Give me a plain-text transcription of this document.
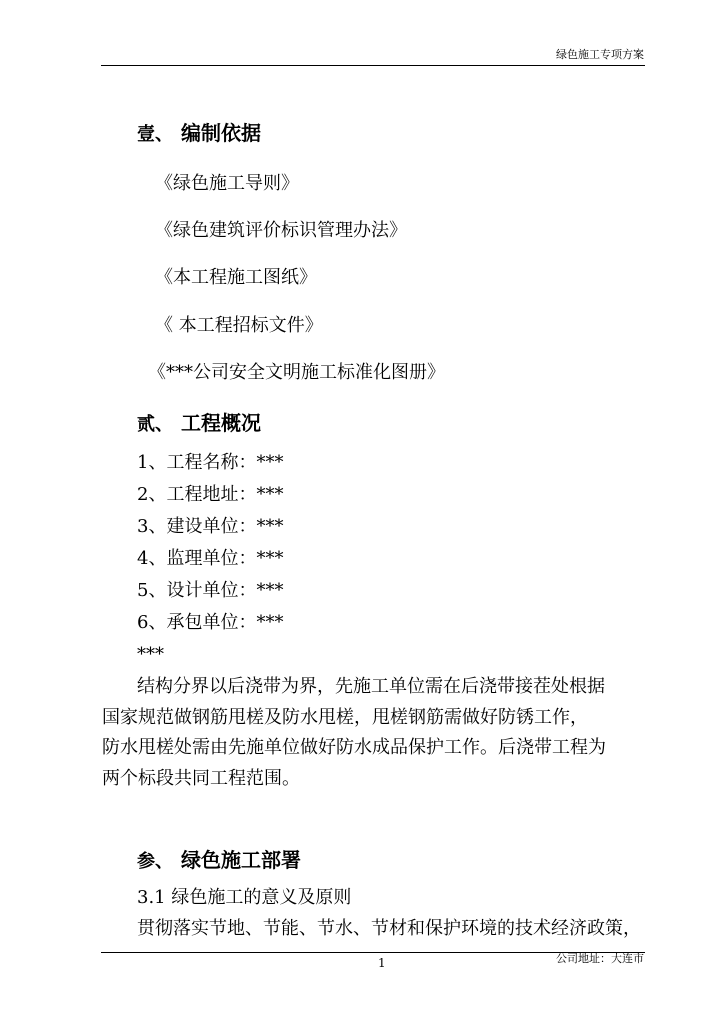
绿色施工专项方案
壹、 编制依据
《绿色施工导则》
《绿色建筑评价标识管理办法》
《本工程施工图纸》
《 本工程招标文件》
《***公司安全文明施工标准化图册》
贰、 工程概况
1、工程名称：***
2、工程地址：***
3、建设单位：***
4、监理单位：***
5、设计单位：***
6、承包单位：***
***
结构分界以后浇带为界，先施工单位需在后浇带接茬处根据
国家规范做钢筋甩槎及防水甩槎，甩槎钢筋需做好防锈工作，
防水甩槎处需由先施单位做好防水成品保护工作。后浇带工程为
两个标段共同工程范围。
参、 绿色施工部署
3.1 绿色施工的意义及原则
贯彻落实节地、节能、节水、节材和保护环境的技术经济政策，
1	公司地址：大连市
